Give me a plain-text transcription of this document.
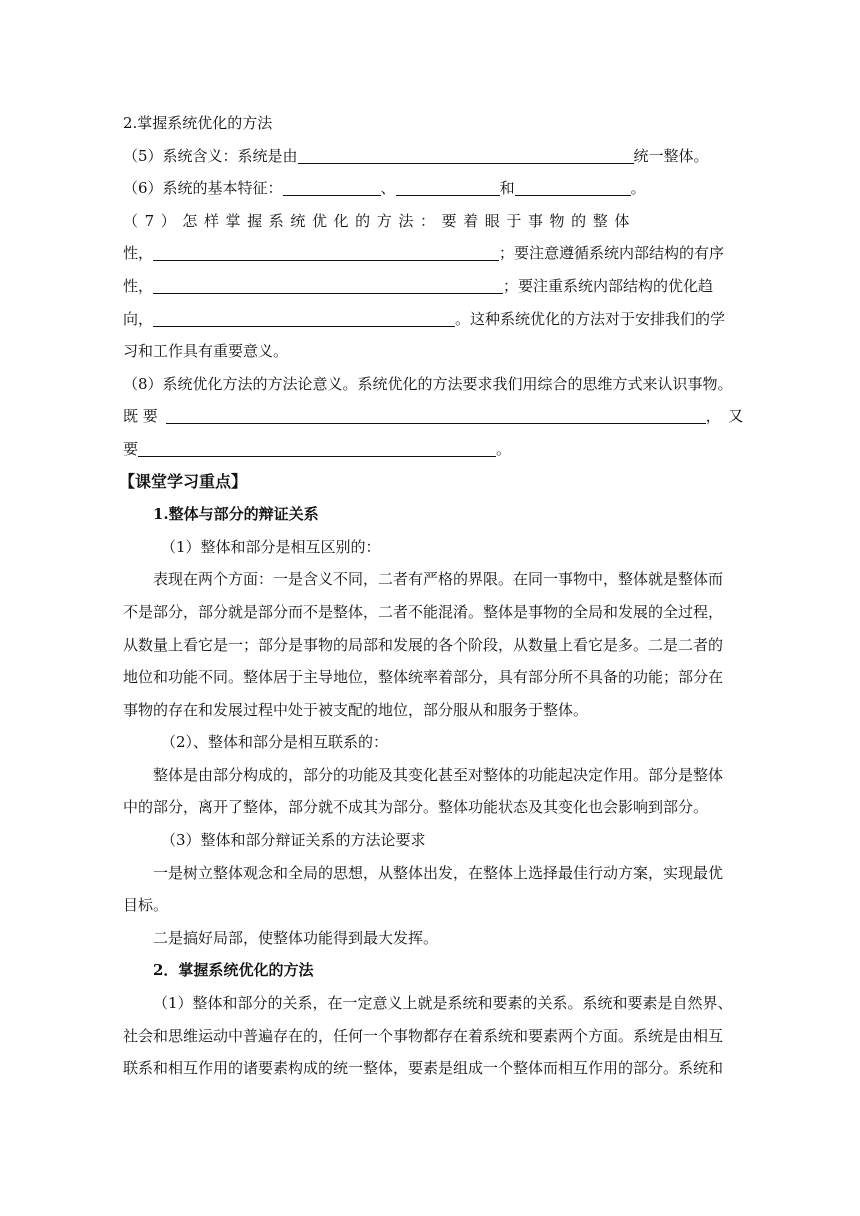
2.掌握系统优化的方法
（5）系统含义：系统是由	统一整体。
（6）系统的基本特征：	、	和	。
（7）怎样掌握系统优化的方法：要着眼于事物的整体
性，	；要注意遵循系统内部结构的有序
性，	；要注重系统内部结构的优化趋
向，	。这种系统优化的方法对于安排我们的学
习和工作具有重要意义。
（8）系统优化方法的方法论意义。系统优化的方法要求我们用综合的思维方式来认识事物。
既 要	，　又
要	。
【课堂学习重点】
1.整体与部分的辩证关系
（1）整体和部分是相互区别的：
表现在两个方面：一是含义不同，二者有严格的界限。在同一事物中，整体就是整体而
不是部分，部分就是部分而不是整体，二者不能混淆。整体是事物的全局和发展的全过程，
从数量上看它是一；部分是事物的局部和发展的各个阶段，从数量上看它是多。二是二者的
地位和功能不同。整体居于主导地位，整体统率着部分，具有部分所不具备的功能；部分在
事物的存在和发展过程中处于被支配的地位，部分服从和服务于整体。
（2）、整体和部分是相互联系的：
整体是由部分构成的，部分的功能及其变化甚至对整体的功能起决定作用。部分是整体
中的部分，离开了整体，部分就不成其为部分。整体功能状态及其变化也会影响到部分。
（3）整体和部分辩证关系的方法论要求
一是树立整体观念和全局的思想，从整体出发，在整体上选择最佳行动方案，实现最优
目标。
二是搞好局部，使整体功能得到最大发挥。
2．掌握系统优化的方法
（1）整体和部分的关系，在一定意义上就是系统和要素的关系。系统和要素是自然界、
社会和思维运动中普遍存在的，任何一个事物都存在着系统和要素两个方面。系统是由相互
联系和相互作用的诸要素构成的统一整体，要素是组成一个整体而相互作用的部分。系统和
